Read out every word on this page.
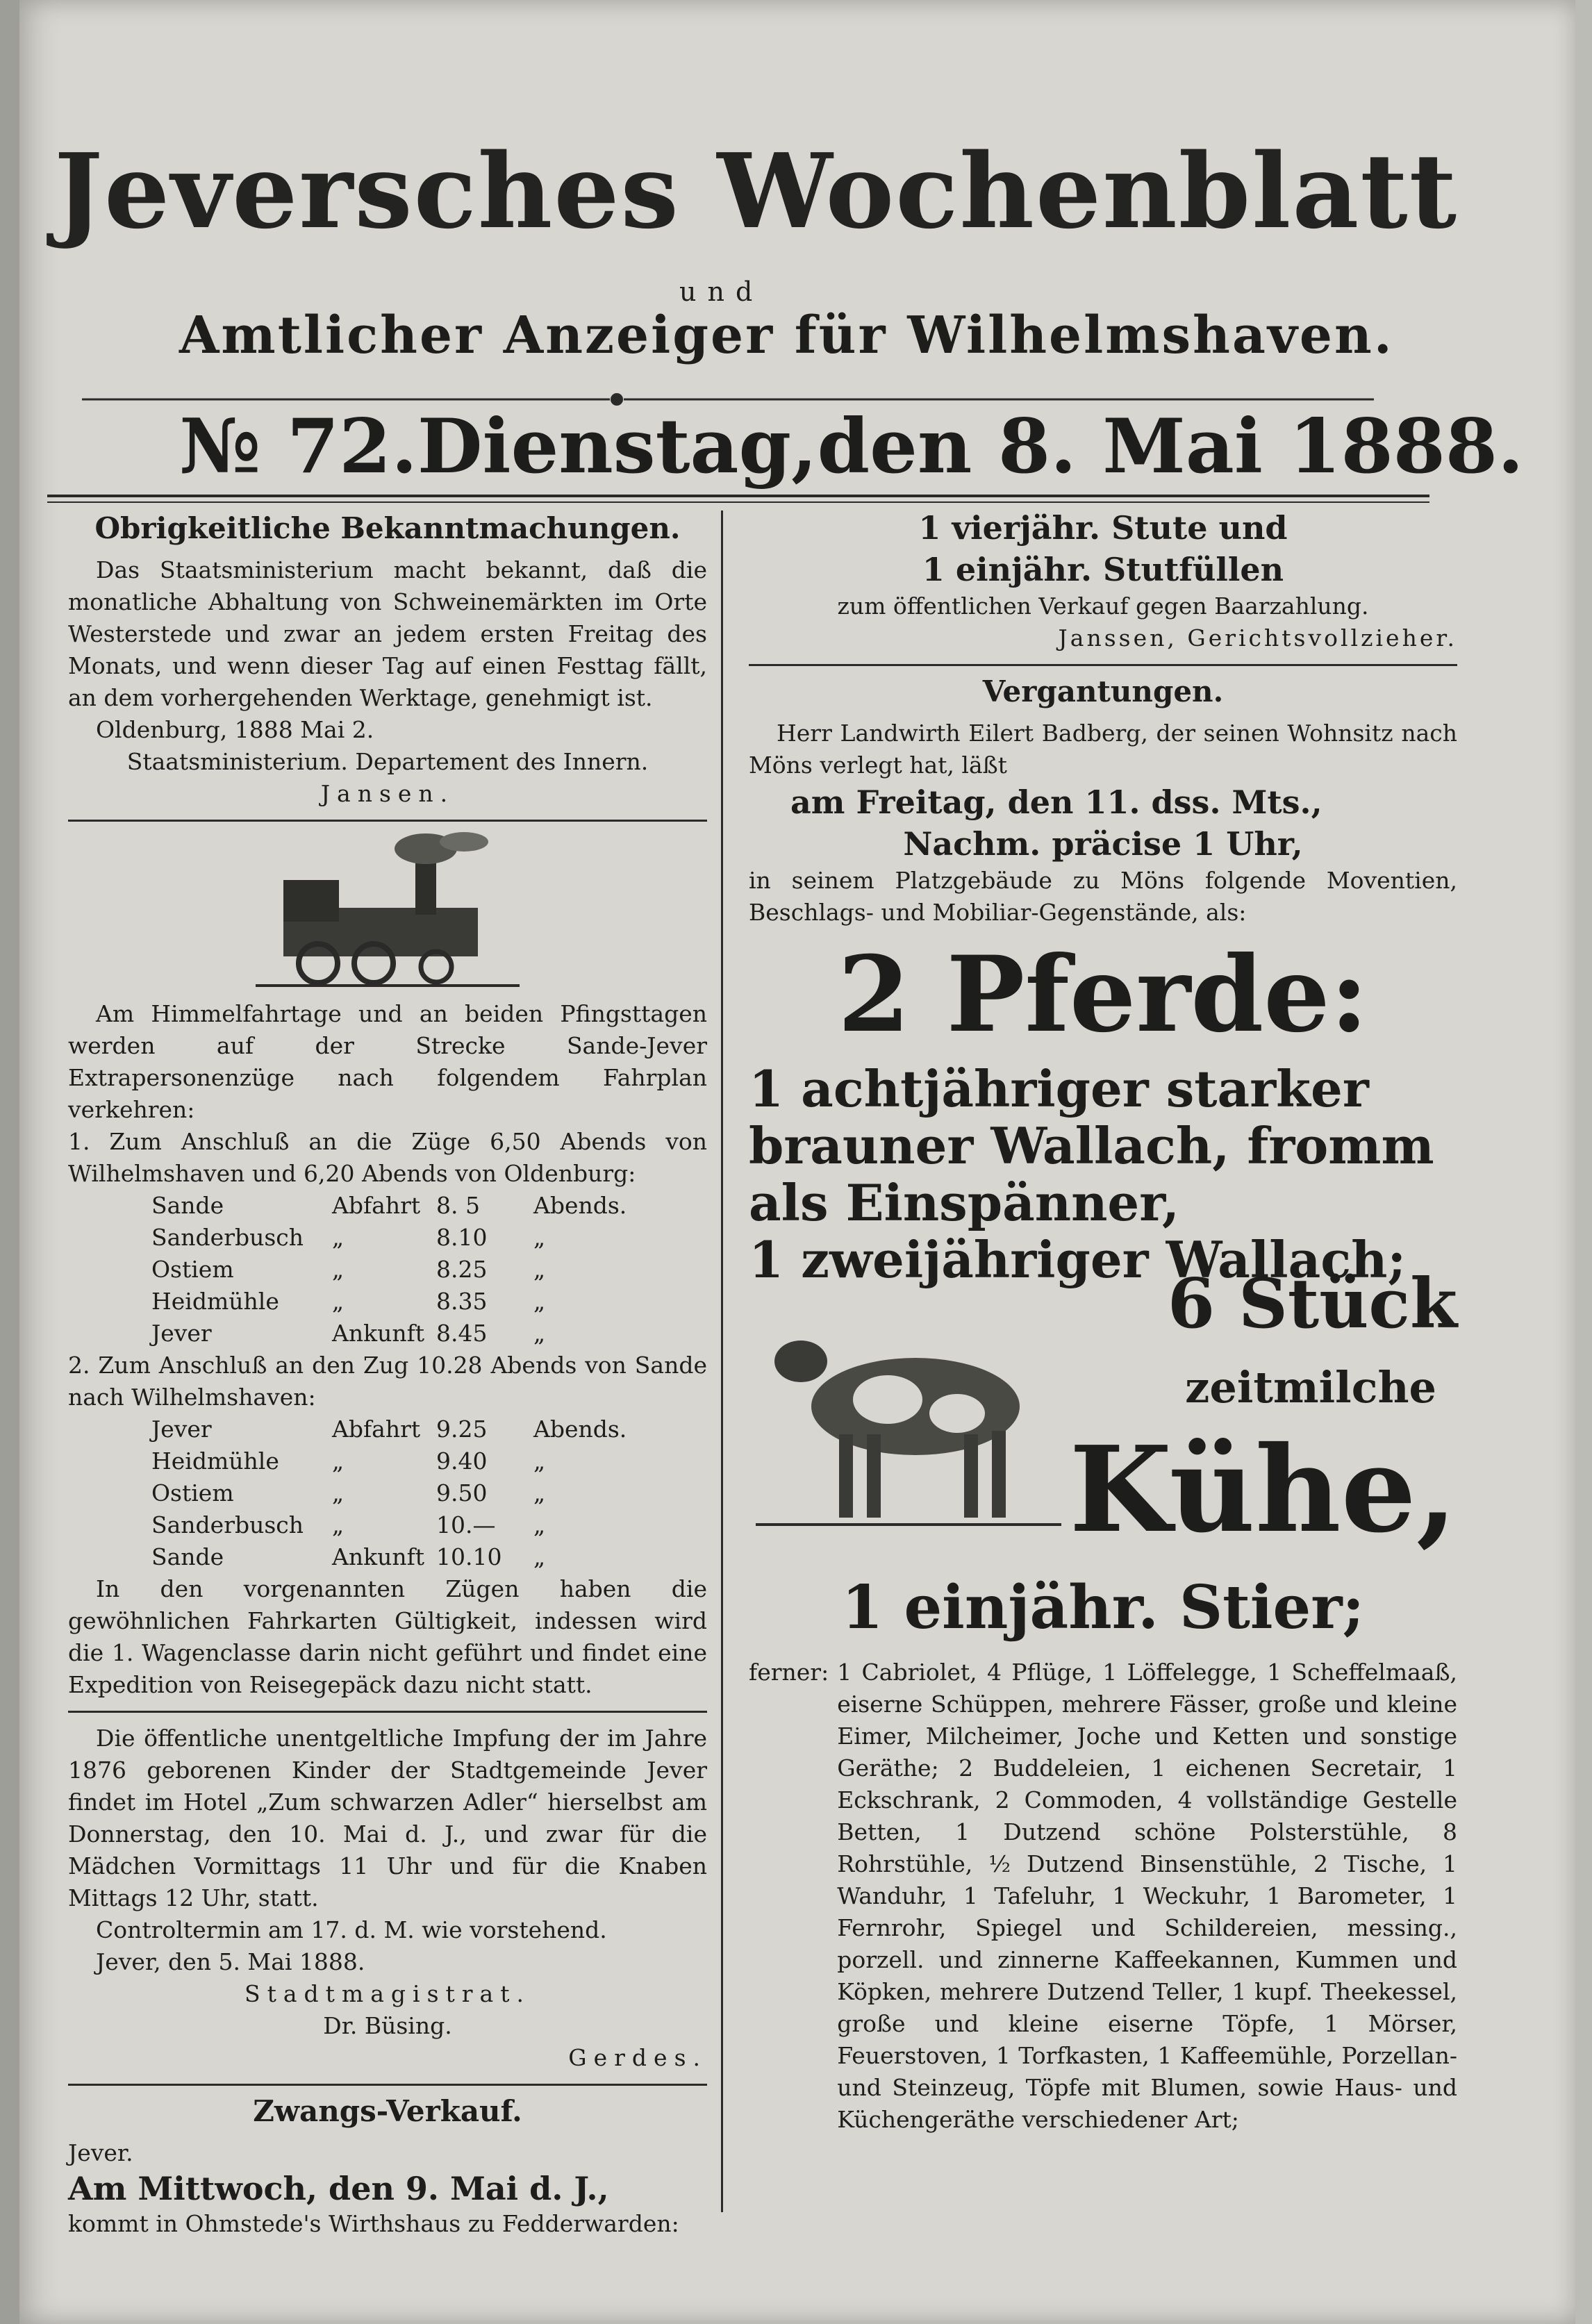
Jeversches Wochenblatt
und
Amtlicher Anzeiger für Wilhelmshaven.
№ 72. Dienstag, den 8. Mai 1888.
Obrigkeitliche Bekanntmachungen.

Das Staatsministerium macht bekannt, daß die monatliche Abhaltung von Schweinemärkten im Orte Westerstede und zwar an jedem ersten Freitag des Monats, und wenn dieser Tag auf einen Festtag fällt, an dem vorhergehenden Werktage, genehmigt ist.

Oldenburg, 1888 Mai 2.
Staatsministerium. Departement des Innern.
Jansen.

Am Himmelfahrtage und an beiden Pfingsttagen werden auf der Strecke Sande-Jever Extrapersonenzüge nach folgendem Fahrplan verkehren:

1. Zum Anschluß an die Züge 6,50 Abends von Wilhelmshaven und 6,20 Abends von Oldenburg:

Sande	Abfahrt 8. 5	Abends.
Sanderbusch	„	8.10	„
Ostiem	„	8.25	„
Heidmühle	„	8.35	„
Jever	Ankunft 8.45	„

2. Zum Anschluß an den Zug 10.28 Abends von Sande nach Wilhelmshaven:

Jever	Abfahrt 9.25	Abends.
Heidmühle	„	9.40	„
Ostiem	„	9.50	„
Sanderbusch	„	10.—	„
Sande	Ankunft 10.10	„

In den vorgenannten Zügen haben die gewöhnlichen Fahrkarten Gültigkeit, indessen wird die 1. Wagenclasse darin nicht geführt und findet eine Expedition von Reisegepäck dazu nicht statt.

Die öffentliche unentgeltliche Impfung der im Jahre 1876 geborenen Kinder der Stadtgemeinde Jever findet im Hotel „Zum schwarzen Adler“ hierselbst am Donnerstag, den 10. Mai d. J., und zwar für die Mädchen Vormittags 11 Uhr und für die Knaben Mittags 12 Uhr, statt.

Controltermin am 17. d. M. wie vorstehend.
Jever, den 5. Mai 1888.
Stadtmagistrat.
Dr. Büsing.
Gerdes.
Zwangs-Verkauf.
Jever.
Am Mittwoch, den 9. Mai d. J.,
kommt in Ohmstede's Wirthshaus zu Fedderwarden:
1 vierjähr. Stute und
1 einjähr. Stutfüllen
zum öffentlichen Verkauf gegen Baarzahlung.
Janssen, Gerichtsvollzieher.
Vergantungen.

Herr Landwirth Eilert Badberg, der seinen Wohnsitz nach Möns verlegt hat, läßt

am Freitag, den 11. dss. Mts.,
Nachm. präcise 1 Uhr,

in seinem Platzgebäude zu Möns folgende Moventien, Beschlags- und Mobiliar-Gegenstände, als:

2 Pferde:
1 achtjähriger starker brauner Wallach, fromm als Einspänner,
1 zweijähriger Wallach;
6 Stück
zeitmilche
Kühe,
1 einjähr. Stier;
ferner: 1 Cabriolet, 4 Pflüge, 1 Löffelegge, 1 Scheffelmaaß, eiserne Schüppen, mehrere Fässer, große und kleine Eimer, Milcheimer, Joche und Ketten und sonstige Geräthe; 2 Buddeleien, 1 eichenen Secretair, 1 Eckschrank, 2 Commoden, 4 vollständige Gestelle Betten, 1 Dutzend schöne Polsterstühle, 8 Rohrstühle, ½ Dutzend Binsenstühle, 2 Tische, 1 Wanduhr, 1 Tafeluhr, 1 Weckuhr, 1 Barometer, 1 Fernrohr, Spiegel und Schildereien, messing., porzell. und zinnerne Kaffeekannen, Kummen und Köpken, mehrere Dutzend Teller, 1 kupf. Theekessel, große und kleine eiserne Töpfe, 1 Mörser, Feuerstoven, 1 Torfkasten, 1 Kaffeemühle, Porzellan- und Steinzeug, Töpfe mit Blumen, sowie Haus- und Küchengeräthe verschiedener Art;
